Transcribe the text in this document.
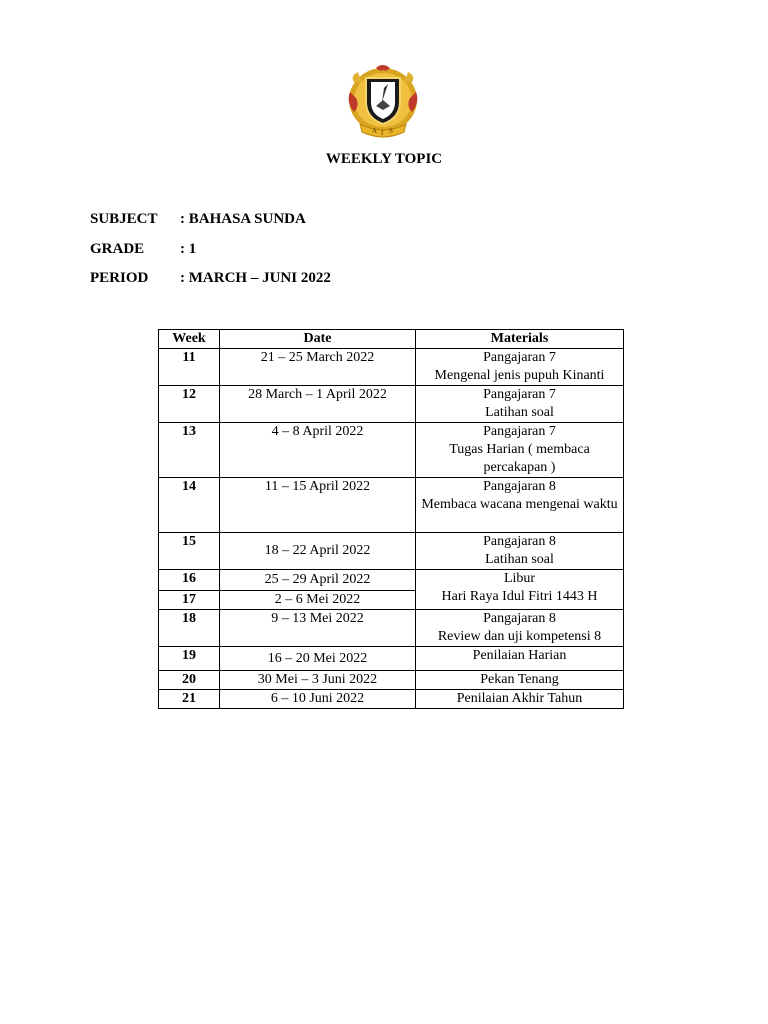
A I S
WEEKLY TOPIC
SUBJECT : BAHASA SUNDA
GRADE : 1
PERIOD : MARCH – JUNI 2022
Week	Date	Materials
11	21 – 25 March 2022	Pangajaran 7
Mengenal jenis pupuh Kinanti

12	28 March – 1 April 2022	Pangajaran 7
Latihan soal

13	4 – 8 April 2022	Pangajaran 7
Tugas Harian ( membaca percakapan )

14	11 – 15 April 2022	Pangajaran 8
Membaca wacana mengenai waktu

15	18 – 22 April 2022	Pangajaran 8
Latihan soal

16	25 – 29 April 2022	Libur
Hari Raya Idul Fitri 1443 H

17	2 – 6 Mei 2022	
18	9 – 13 Mei 2022	Pangajaran 8
Review dan uji kompetensi 8

19	16 – 20 Mei 2022	Penilaian Harian

20	30 Mei – 3 Juni 2022	Pekan Tenang

21	6 – 10 Juni 2022	Penilaian Akhir Tahun
